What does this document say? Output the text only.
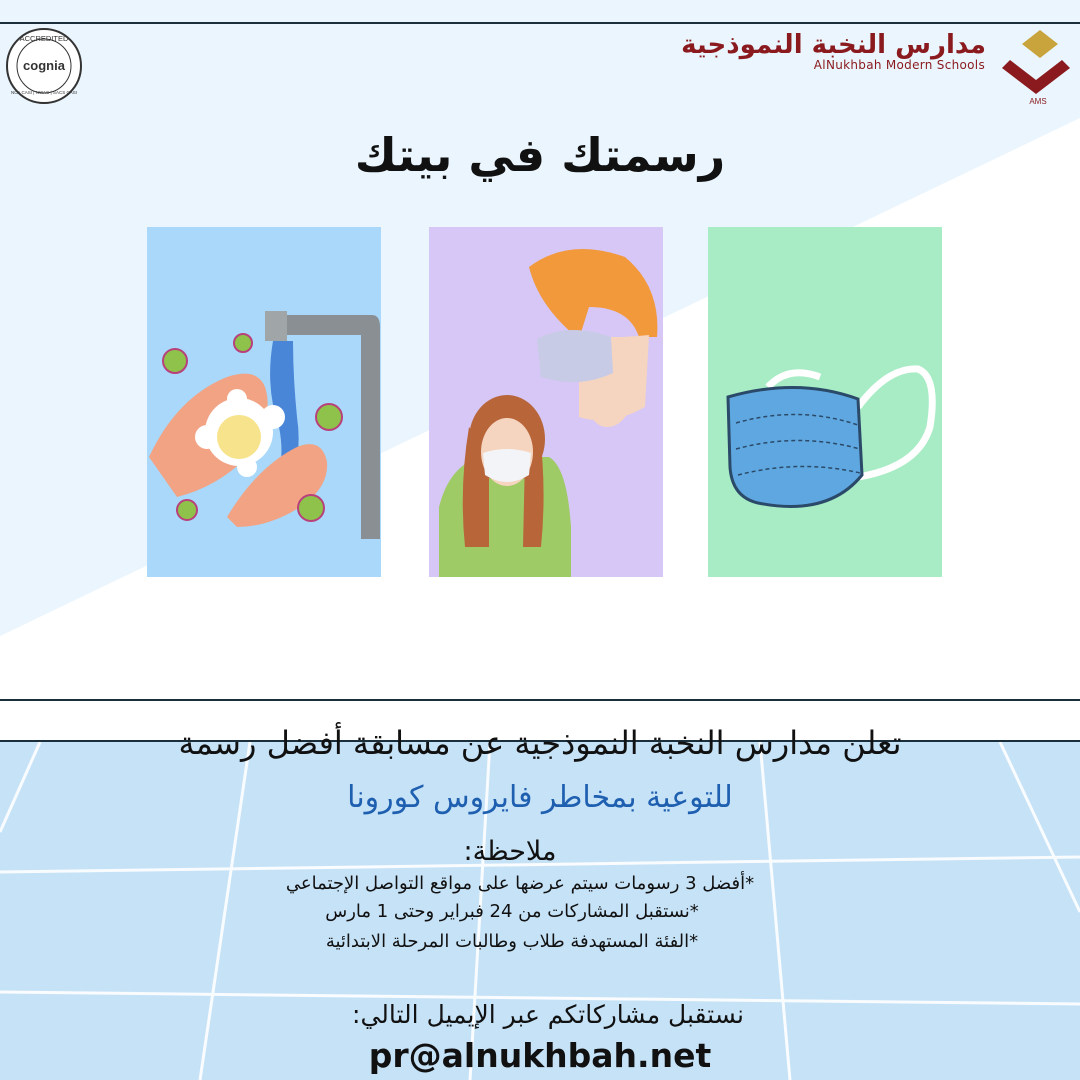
ACCREDITED
cognia
NCA CASI | NWAC | SACS CASI
AMS
مدارس النخبة النموذجية
AlNukhbah Modern Schools
رسمتك في بيتك
تعلن مدارس النخبة النموذجية عن مسابقة أفضل رسمة
للتوعية بمخاطر فايروس كورونا
ملاحظة:
*أفضل 3 رسومات سيتم عرضها على مواقع التواصل الإجتماعي
*نستقبل المشاركات من 24 فبراير وحتى 1 مارس
*الفئة المستهدفة طلاب وطالبات المرحلة الابتدائية
نستقبل مشاركاتكم عبر الإيميل التالي:
pr@alnukhbah.net
